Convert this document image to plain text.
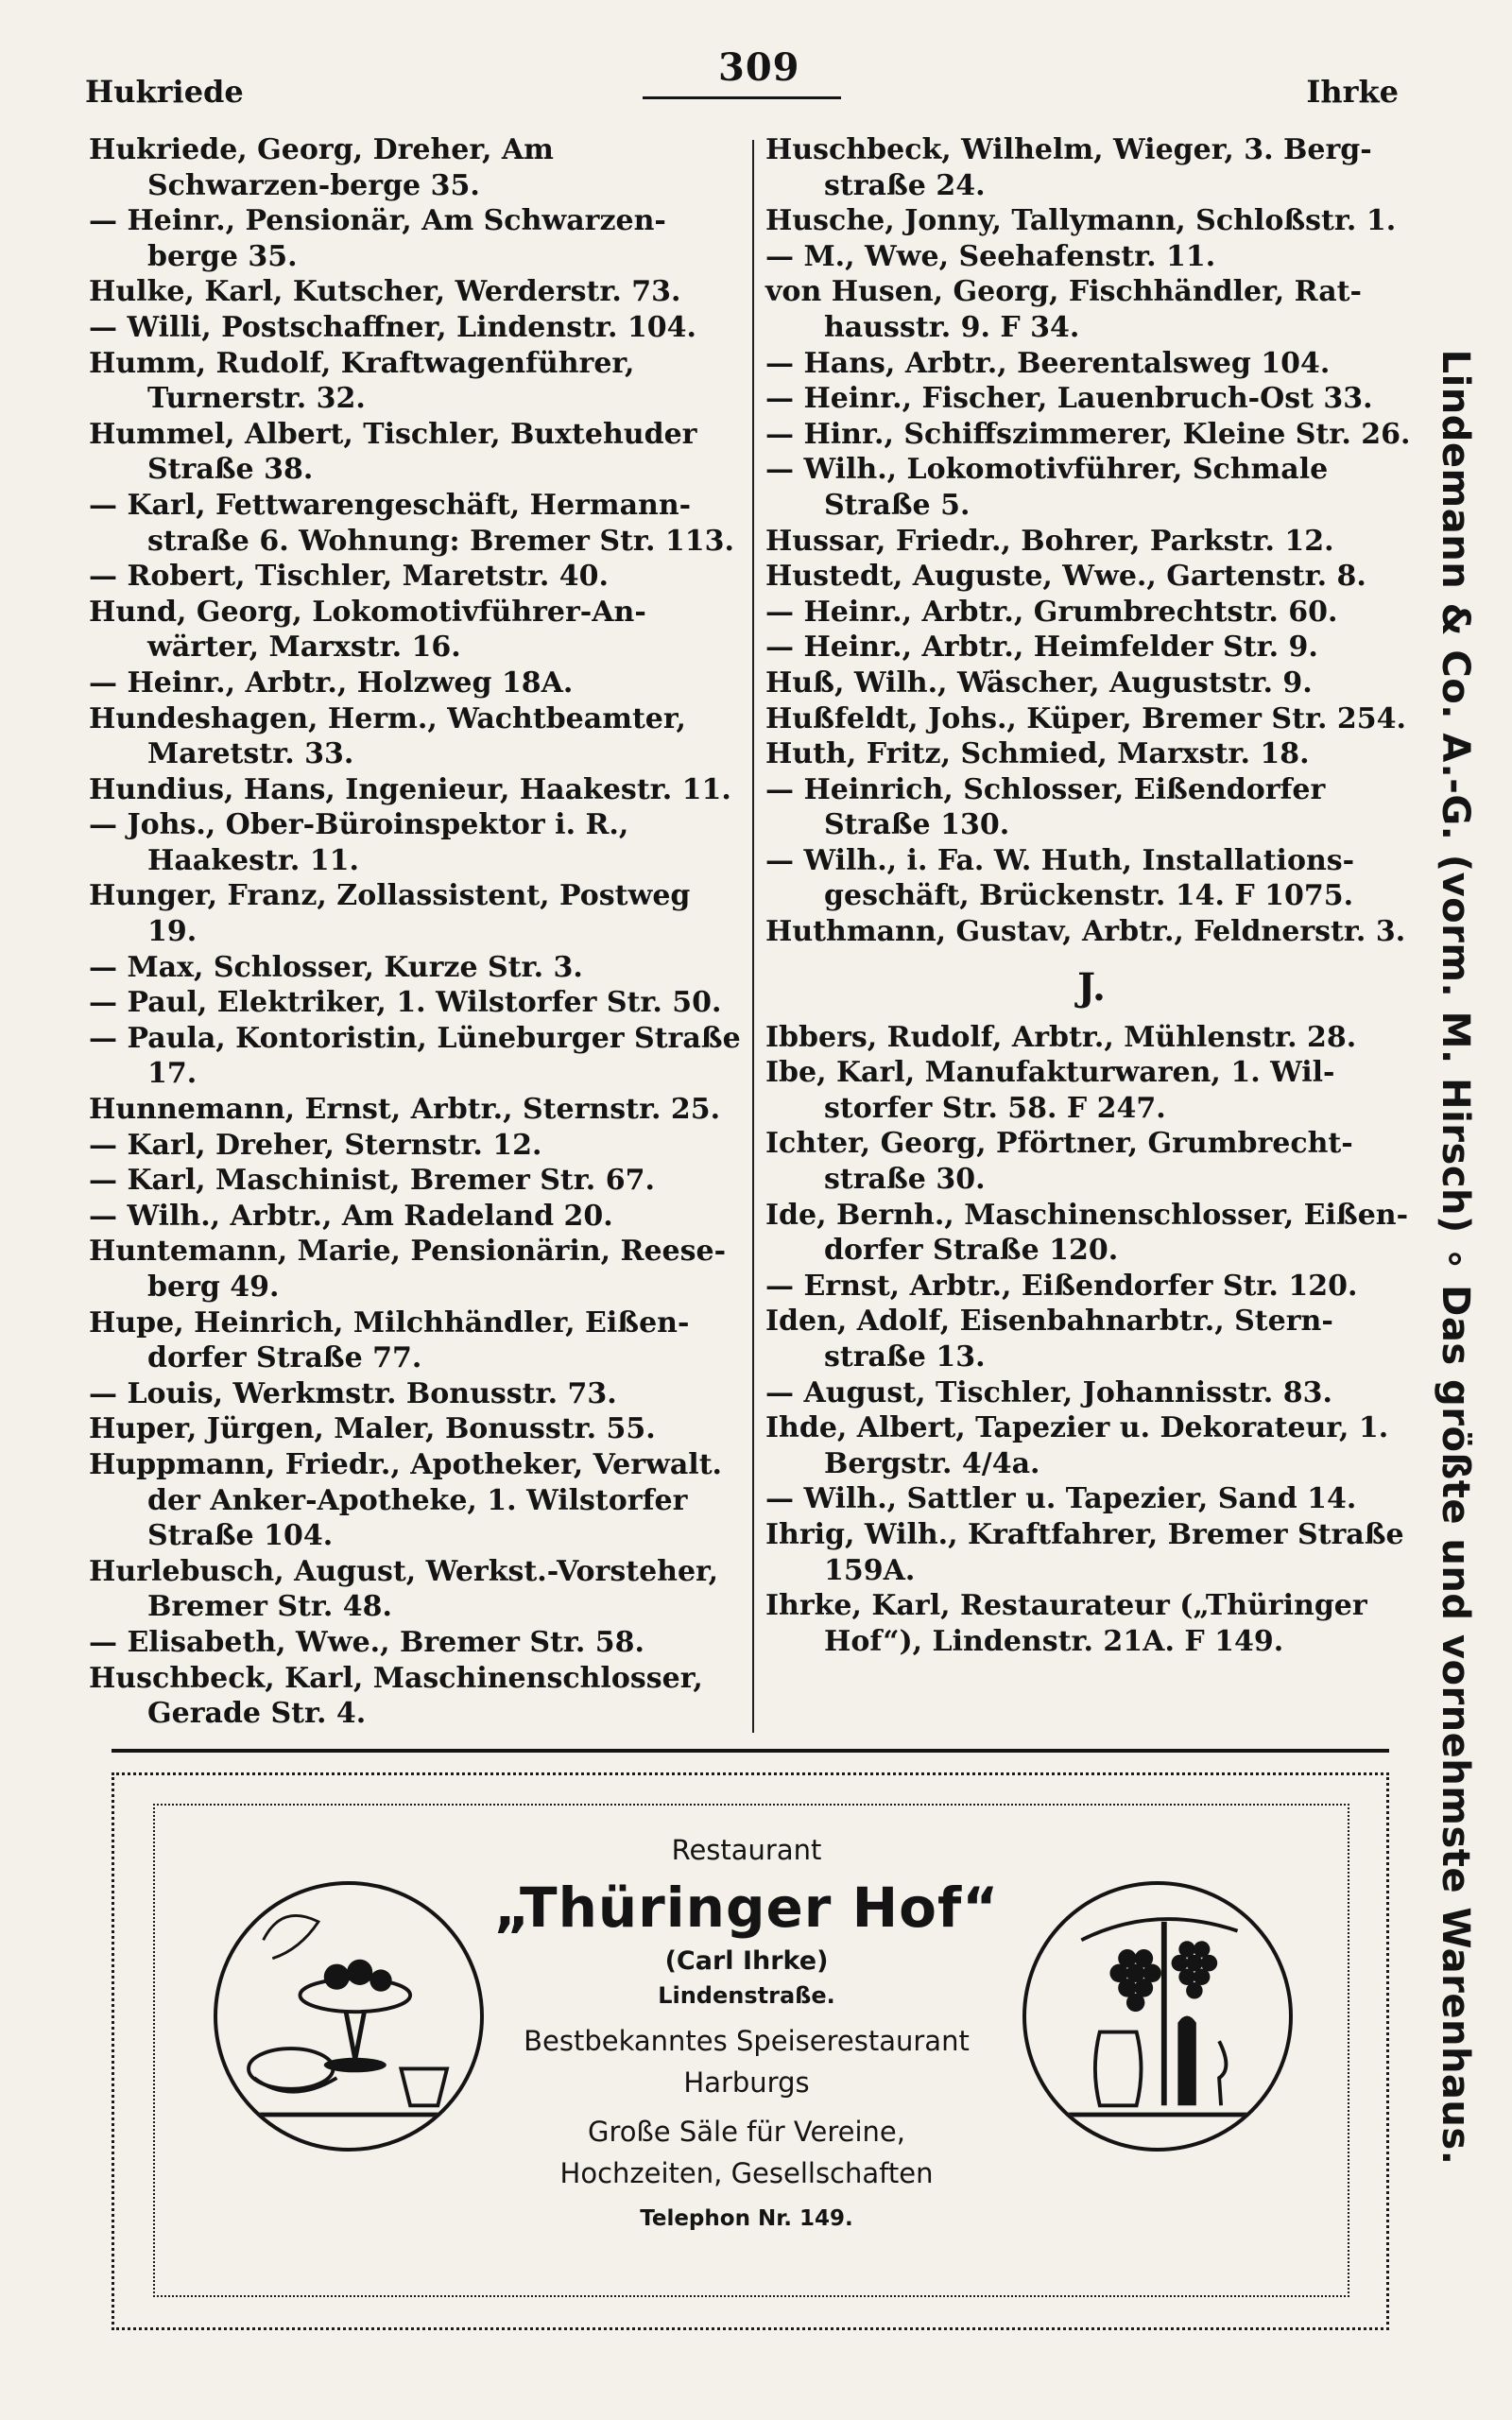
Hukriede
309
Ihrke
Hukriede, Georg, Dreher, Am Schwarzen-berge 35.
— Heinr., Pensionär, Am Schwarzen-berge 35.
Hulke, Karl, Kutscher, Werderstr. 73.
— Willi, Postschaffner, Lindenstr. 104.
Humm, Rudolf, Kraftwagenführer, Turnerstr. 32.
Hummel, Albert, Tischler, Buxtehuder Straße 38.
— Karl, Fettwarengeschäft, Hermann-straße 6. Wohnung: Bremer Str. 113.
— Robert, Tischler, Maretstr. 40.
Hund, Georg, Lokomotivführer-An-wärter, Marxstr. 16.
— Heinr., Arbtr., Holzweg 18A.
Hundeshagen, Herm., Wachtbeamter, Maretstr. 33.
Hundius, Hans, Ingenieur, Haakestr. 11.
— Johs., Ober-Büroinspektor i. R., Haakestr. 11.
Hunger, Franz, Zollassistent, Postweg 19.
— Max, Schlosser, Kurze Str. 3.
— Paul, Elektriker, 1. Wilstorfer Str. 50.
— Paula, Kontoristin, Lüneburger Straße 17.
Hunnemann, Ernst, Arbtr., Sternstr. 25.
— Karl, Dreher, Sternstr. 12.
— Karl, Maschinist, Bremer Str. 67.
— Wilh., Arbtr., Am Radeland 20.
Huntemann, Marie, Pensionärin, Reese-berg 49.
Hupe, Heinrich, Milchhändler, Eißen-dorfer Straße 77.
— Louis, Werkmstr. Bonusstr. 73.
Huper, Jürgen, Maler, Bonusstr. 55.
Huppmann, Friedr., Apotheker, Verwalt. der Anker-Apotheke, 1. Wilstorfer Straße 104.
Hurlebusch, August, Werkst.-Vorsteher, Bremer Str. 48.
— Elisabeth, Wwe., Bremer Str. 58.
Huschbeck, Karl, Maschinenschlosser, Gerade Str. 4.
Huschbeck, Wilhelm, Wieger, 3. Berg-straße 24.
Husche, Jonny, Tallymann, Schloßstr. 1.
— M., Wwe, Seehafenstr. 11.
von Husen, Georg, Fischhändler, Rat-hausstr. 9. F 34.
— Hans, Arbtr., Beerentalsweg 104.
— Heinr., Fischer, Lauenbruch-Ost 33.
— Hinr., Schiffszimmerer, Kleine Str. 26.
— Wilh., Lokomotivführer, Schmale Straße 5.
Hussar, Friedr., Bohrer, Parkstr. 12.
Hustedt, Auguste, Wwe., Gartenstr. 8.
— Heinr., Arbtr., Grumbrechtstr. 60.
— Heinr., Arbtr., Heimfelder Str. 9.
Huß, Wilh., Wäscher, Auguststr. 9.
Hußfeldt, Johs., Küper, Bremer Str. 254.
Huth, Fritz, Schmied, Marxstr. 18.
— Heinrich, Schlosser, Eißendorfer Straße 130.
— Wilh., i. Fa. W. Huth, Installations-geschäft, Brückenstr. 14. F 1075.
Huthmann, Gustav, Arbtr., Feldnerstr. 3.
J.
Ibbers, Rudolf, Arbtr., Mühlenstr. 28.
Ibe, Karl, Manufakturwaren, 1. Wil-storfer Str. 58. F 247.
Ichter, Georg, Pförtner, Grumbrecht-straße 30.
Ide, Bernh., Maschinenschlosser, Eißen-dorfer Straße 120.
— Ernst, Arbtr., Eißendorfer Str. 120.
Iden, Adolf, Eisenbahnarbtr., Stern-straße 13.
— August, Tischler, Johannisstr. 83.
Ihde, Albert, Tapezier u. Dekorateur, 1. Bergstr. 4/4a.
— Wilh., Sattler u. Tapezier, Sand 14.
Ihrig, Wilh., Kraftfahrer, Bremer Straße 159A.
Ihrke, Karl, Restaurateur („Thüringer Hof“), Lindenstr. 21A. F 149.	Lindemann & Co. A.-G. (vorm. M. Hirsch) ∘ Das größte und vornehmste Warenhaus.
Restaurant
„Thüringer Hof“
(Carl Ihrke)
Lindenstraße.
Bestbekanntes Speiserestaurant
Harburgs
Große Säle für Vereine,
Hochzeiten, Gesellschaften
Telephon Nr. 149.
